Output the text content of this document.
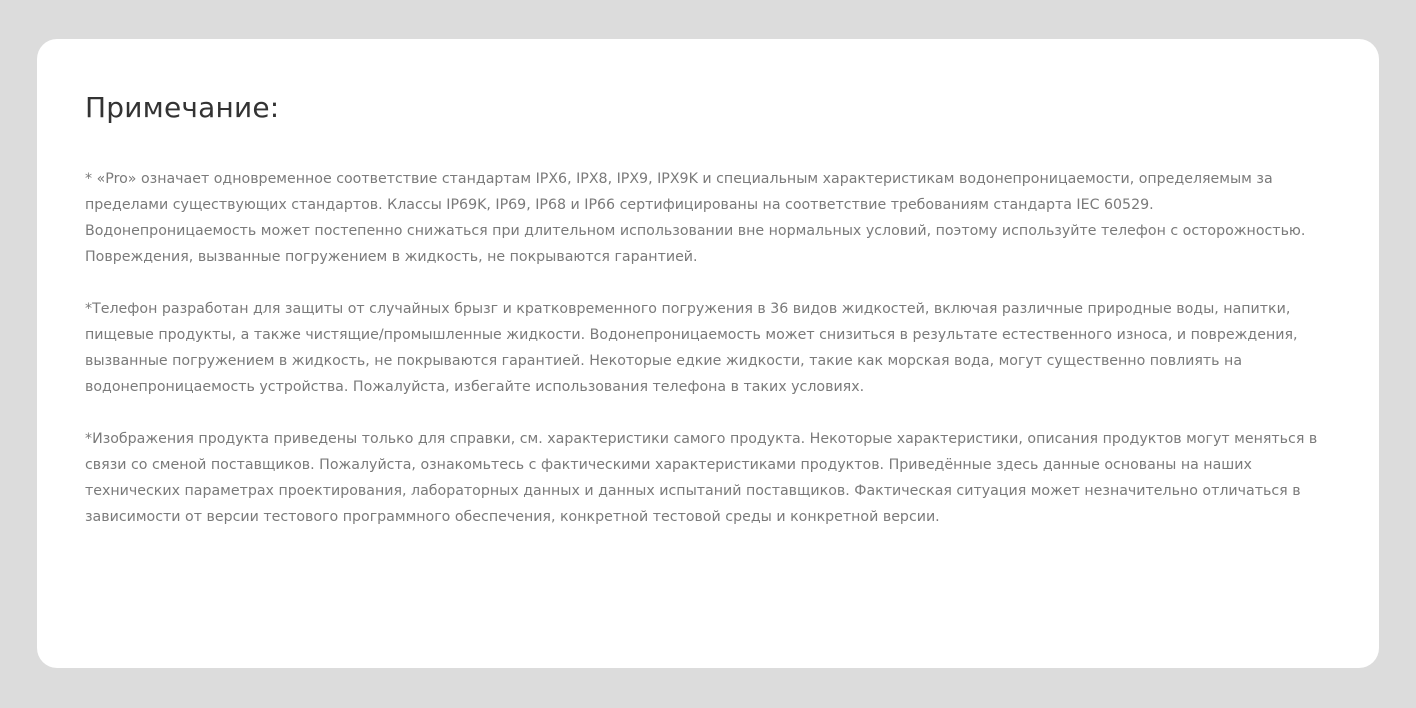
Примечание:

* «Pro» означает одновременное соответствие стандартам IPX6, IPX8, IPX9, IPX9K и специальным характеристикам водонепроницаемости, определяемым за
пределами существующих стандартов. Классы IP69K, IP69, IP68 и IP66 сертифицированы на соответствие требованиям стандарта IEC 60529.
Водонепроницаемость может постепенно снижаться при длительном использовании вне нормальных условий, поэтому используйте телефон с осторожностью.
Повреждения, вызванные погружением в жидкость, не покрываются гарантией.

*Телефон разработан для защиты от случайных брызг и кратковременного погружения в 36 видов жидкостей, включая различные природные воды, напитки,
пищевые продукты, а также чистящие/промышленные жидкости. Водонепроницаемость может снизиться в результате естественного износа, и повреждения,
вызванные погружением в жидкость, не покрываются гарантией. Некоторые едкие жидкости, такие как морская вода, могут существенно повлиять на
водонепроницаемость устройства. Пожалуйста, избегайте использования телефона в таких условиях.

*Изображения продукта приведены только для справки, см. характеристики самого продукта. Некоторые характеристики, описания продуктов могут меняться в
связи со сменой поставщиков. Пожалуйста, ознакомьтесь с фактическими характеристиками продуктов. Приведённые здесь данные основаны на наших
технических параметрах проектирования, лабораторных данных и данных испытаний поставщиков. Фактическая ситуация может незначительно отличаться в
зависимости от версии тестового программного обеспечения, конкретной тестовой среды и конкретной версии.
